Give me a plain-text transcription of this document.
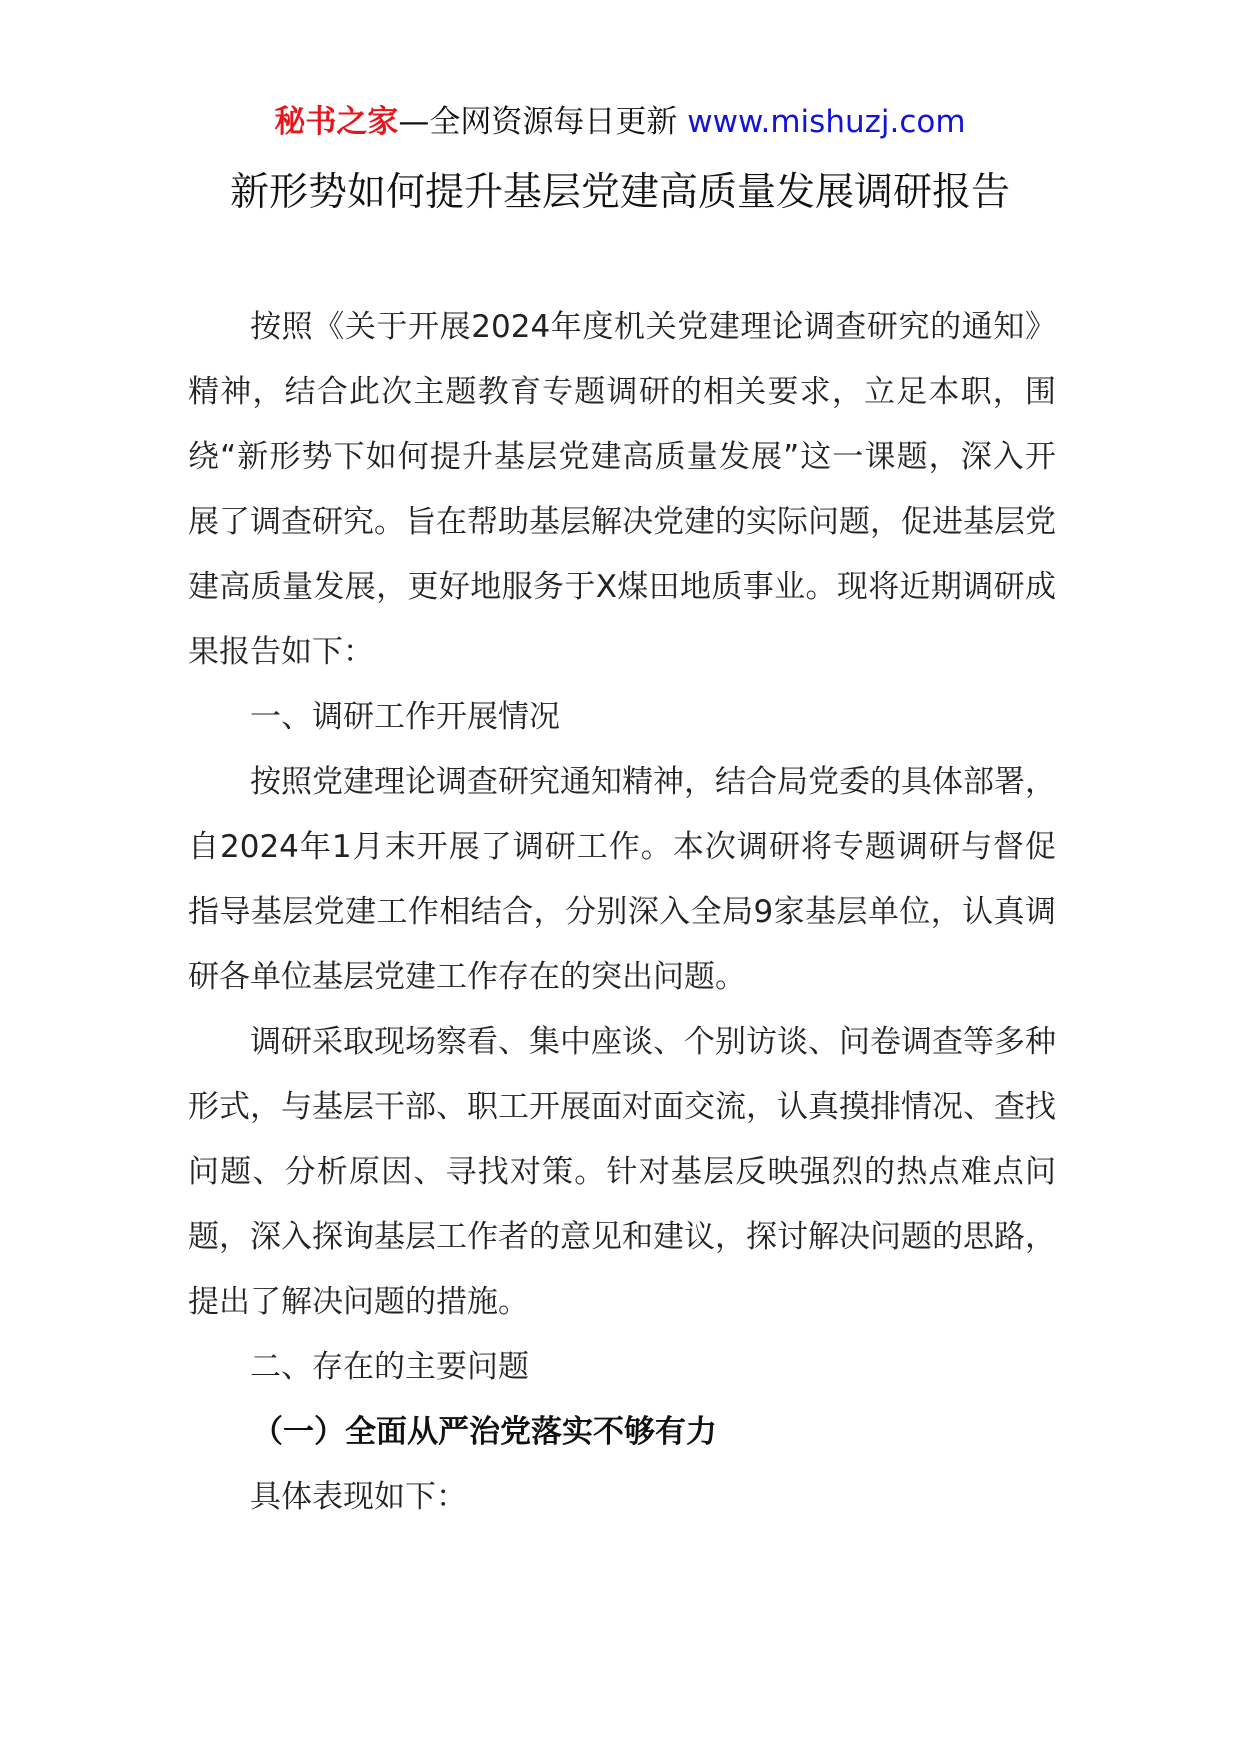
秘书之家—全网资源每日更新 www.mishuzj.com
新形势如何提升基层党建高质量发展调研报告

按照《关于开展2024年度机关党建理论调查研究的通知》精神，结合此次主题教育专题调研的相关要求，立足本职，围绕“新形势下如何提升基层党建高质量发展”这一课题，深入开展了调查研究。旨在帮助基层解决党建的实际问题，促进基层党建高质量发展，更好地服务于X煤田地质事业。现将近期调研成果报告如下：

一、调研工作开展情况

按照党建理论调查研究通知精神，结合局党委的具体部署，自2024年1月末开展了调研工作。本次调研将专题调研与督促指导基层党建工作相结合，分别深入全局9家基层单位，认真调研各单位基层党建工作存在的突出问题。

调研采取现场察看、集中座谈、个别访谈、问卷调查等多种形式，与基层干部、职工开展面对面交流，认真摸排情况、查找问题、分析原因、寻找对策。针对基层反映强烈的热点难点问题，深入探询基层工作者的意见和建议，探讨解决问题的思路，提出了解决问题的措施。

二、存在的主要问题

（一）全面从严治党落实不够有力

具体表现如下：
